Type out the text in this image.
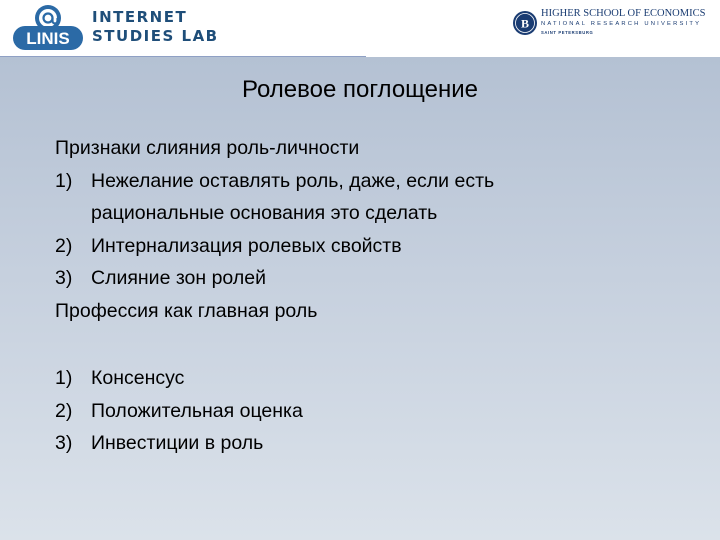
LINIS
INTERNET
STUDIES LAB
В
HIGHER SCHOOL OF ECONOMICS
NATIONAL RESEARCH UNIVERSITY
SAINT PETERSBURG
Ролевое поглощение
Признаки слияния роль-личности
1) Нежелание оставлять роль, даже, если есть
рациональные основания это сделать
2) Интернализация ролевых свойств
3) Слияние зон ролей
Профессия как главная роль
1) Консенсус
2) Положительная оценка
3) Инвестиции в роль
